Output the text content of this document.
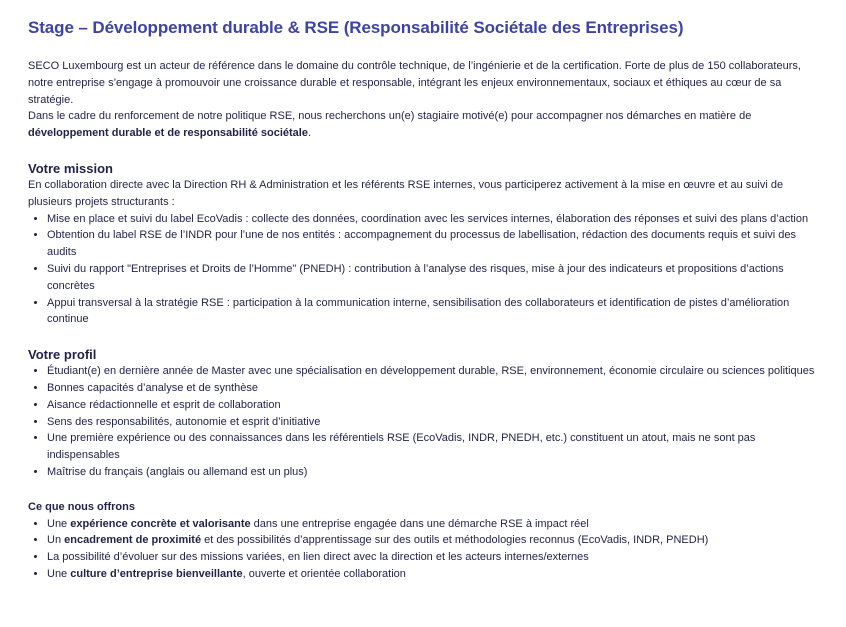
Stage – Développement durable & RSE (Responsabilité Sociétale des Entreprises)

SECO Luxembourg est un acteur de référence dans le domaine du contrôle technique, de l’ingénierie et de la certification. Forte de plus de 150 collaborateurs, notre entreprise s’engage à promouvoir une croissance durable et responsable, intégrant les enjeux environnementaux, sociaux et éthiques au cœur de sa stratégie.

Dans le cadre du renforcement de notre politique RSE, nous recherchons un(e) stagiaire motivé(e) pour accompagner nos démarches en matière de développement durable et de responsabilité sociétale.

Votre mission

En collaboration directe avec la Direction RH & Administration et les référents RSE internes, vous participerez activement à la mise en œuvre et au suivi de plusieurs projets structurants :

• Mise en place et suivi du label EcoVadis : collecte des données, coordination avec les services internes, élaboration des réponses et suivi des plans d’action
• Obtention du label RSE de l’INDR pour l’une de nos entités : accompagnement du processus de labellisation, rédaction des documents requis et suivi des audits
• Suivi du rapport "Entreprises et Droits de l’Homme" (PNEDH) : contribution à l’analyse des risques, mise à jour des indicateurs et propositions d’actions concrètes
• Appui transversal à la stratégie RSE : participation à la communication interne, sensibilisation des collaborateurs et identification de pistes d’amélioration continue
Votre profil
• Étudiant(e) en dernière année de Master avec une spécialisation en développement durable, RSE, environnement, économie circulaire ou sciences politiques
• Bonnes capacités d’analyse et de synthèse
• Aisance rédactionnelle et esprit de collaboration
• Sens des responsabilités, autonomie et esprit d’initiative
• Une première expérience ou des connaissances dans les référentiels RSE (EcoVadis, INDR, PNEDH, etc.) constituent un atout, mais ne sont pas indispensables
• Maîtrise du français (anglais ou allemand est un plus)

Ce que nous offrons

• Une expérience concrète et valorisante dans une entreprise engagée dans une démarche RSE à impact réel
• Un encadrement de proximité et des possibilités d’apprentissage sur des outils et méthodologies reconnus (EcoVadis, INDR, PNEDH)
• La possibilité d’évoluer sur des missions variées, en lien direct avec la direction et les acteurs internes/externes
• Une culture d’entreprise bienveillante, ouverte et orientée collaboration
